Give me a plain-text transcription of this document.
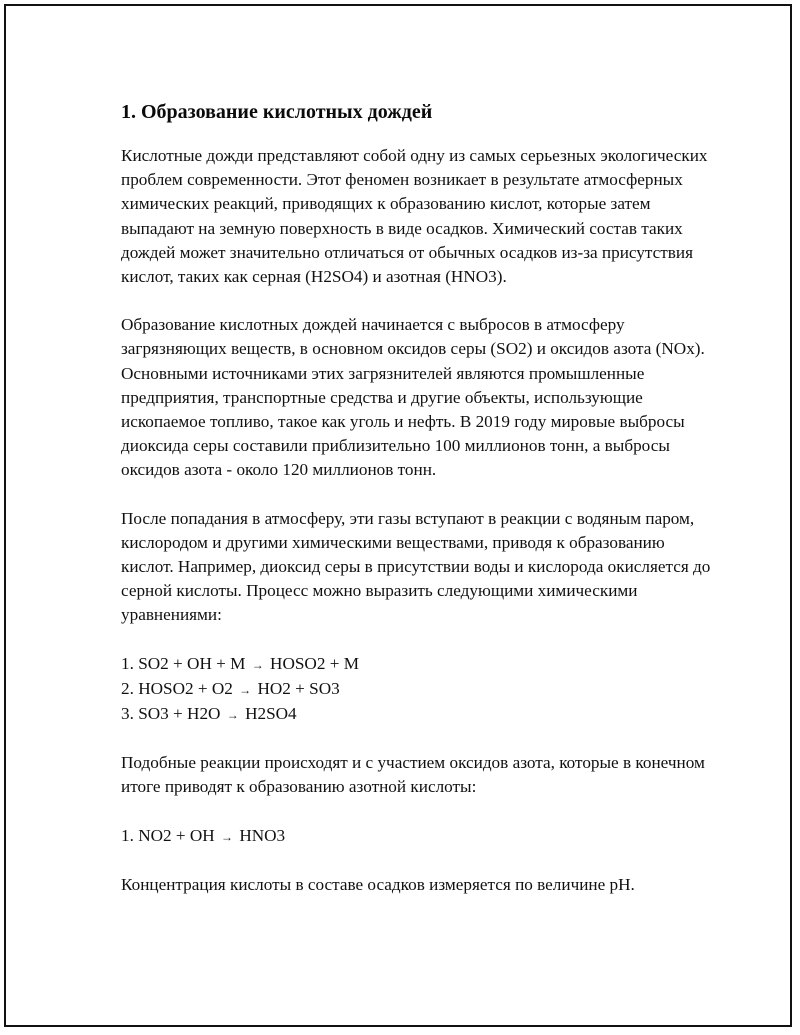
1. Образование кислотных дождей

Кислотные дожди представляют собой одну из самых серьезных экологических проблем современности. Этот феномен возникает в результате атмосферных химических реакций, приводящих к образованию кислот, которые затем выпадают на земную поверхность в виде осадков. Химический состав таких дождей может значительно отличаться от обычных осадков из-за присутствия кислот, таких как серная (H2SO4) и азотная (HNO3).

Образование кислотных дождей начинается с выбросов в атмосферу загрязняющих веществ, в основном оксидов серы (SO2) и оксидов азота (NOx). Основными источниками этих загрязнителей являются промышленные предприятия, транспортные средства и другие объекты, использующие ископаемое топливо, такое как уголь и нефть. В 2019 году мировые выбросы диоксида серы составили приблизительно 100 миллионов тонн, а выбросы оксидов азота - около 120 миллионов тонн.

После попадания в атмосферу, эти газы вступают в реакции с водяным паром, кислородом и другими химическими веществами, приводя к образованию кислот. Например, диоксид серы в присутствии воды и кислорода окисляется до серной кислоты. Процесс можно выразить следующими химическими уравнениями:

1. SO2 + OH + M → HOSO2 + M

2. HOSO2 + O2 → HO2 + SO3

3. SO3 + H2O → H2SO4

Подобные реакции происходят и с участием оксидов азота, которые в конечном итоге приводят к образованию азотной кислоты:

1. NO2 + OH → HNO3

Концентрация кислоты в составе осадков измеряется по величине pH.
